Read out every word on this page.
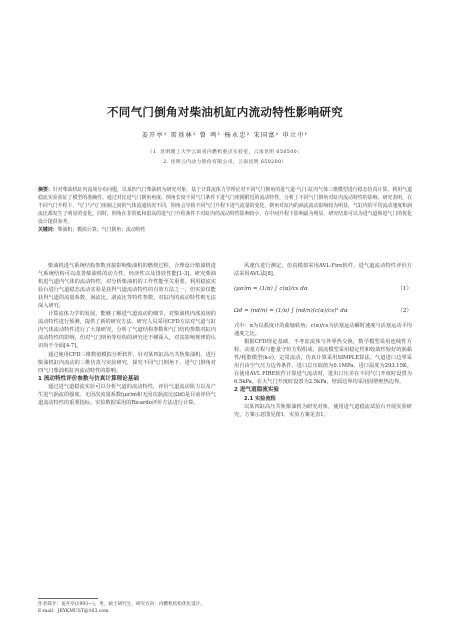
不同气门倒角对柴油机缸内流动特性影响研究
姜开亭¹ 雷基林¹ 曾 鸣¹ 杨永忠² 宋国富² 申立中¹
（1. 昆明理工大学云南省内燃机重点实验室，云南昆明 650500；
2. 昆明云内动力股份有限公司，云南昆明 650200）
摘要：针对柴油机缸内流场分布问题，以某四气门柴油机为研究对象，基于计算流体力学理论对不同气门倒角的进气道-气门-缸内气体三维模型进行稳态仿真计算，利用气道稳流实验验证了模型的准确性。通过对比进气门倒角角度、倒角长度不同气门条件下进气门座圈附近的流动特性，分析了不同气门倒角对缸内流动特性的影响。研究表明，在不同气门升程下，气门与气门座圈之间的气体流通状况不同，倒角会导致不同气门升程下进气流量的变化，倒角对缸内的涡流流动影响较为明显，气缸内的平均流动速度和涡流比都发生了明显的变化。同时，倒角在非常低和很高的进气门升程条件下对缸内的流动特性影响较小，在中间升程下影响最为明显，研究结果可以为进气道和进气门的优化设计提供参考。
关键词：柴油机；模拟计算；气门倒角；流动特性

柴油机进气系统结构参数直接影响柴油机的燃烧过程，合理设计柴油机进气系统结构可以改善柴油机的动力性、经济性以及排放性能[1-3]。研究柴油机进气道内气体的流动特性，对分析柴油机的工作性能至关重要。利用稳流实验台进行气道稳态流动实验是获得气道流动特性的有效方法之一，但实验仅能获得气道的流量系数、涡流比、滚流比等特性参数，对缸内的流动特性则无法深入研究。

计算流体力学的发展，能够了解进气道流动的细节，对柴油机内部流场的流动特性进行预测，提供了新的研究方法。研究人员采用CFD方法对气道与缸内气体流动特性进行了大量研究，分析了气道结构参数和气门结构参数对缸内流动特性的影响，但对气门倒角等结构的研究还不够深入，对其影响规律的认识尚不全面[4-7]。

通过使用CFD三维数值模拟分析软件，针对某四缸高压共轨柴油机，进行柴油机缸内流动的三维仿真与实验研究，探究不同气门倒角下，进气门倒角对四气门柴油机缸内流动特性的影响。

1 流动特性评价参数与仿真计算理论基础

通过进气道稳流实验可以分析气道的流动特性，评价气道流动阻力以及产生进气涡流的强度。无因次流量系数(μσ)m和无因次涡流比(Ωd)是目前评价气道流动特性的重要指标。实验数据采用的Ricardo评价方法进行计算。

风速仪进行测定，仿真模拟采用AVL-Fire软件，进气道流动特性评价方法采用AVL法[8]。

(μσ)m = (1/π) ∫ c(α)/cs dα	（1）
Ωd = (nd/n) = (1/π) ∫ (nd/n)(c(α)/cs)² dα	（2）

式中：α为以弧度计的曲轴转角；c(α)/cs为活塞运动瞬时速度与活塞运动平均速度之比。

根据CFD理论基础，不考虑流体与外界热交换，数学模型采用连续性方程、动量方程与能量守恒方程组成，湍流模型采用稳定性和收敛性较好的涡黏性/耗散模型(k-ε)，定常流动，仿真计算采用SIMPLE算法。气道进口边界采用自由空气压力边界条件，进口总压取值为0.1MPa，进口温度为293.15K。在使用AVL FIRE软件计算进气流动时，进出口压差在不同气门开度时设置为6.5kPa，在大气门开度时设置为2.5kPa，壁面边界均采用固壁绝热边界。

2 进气道稳流实验

2.1 实验流程

以某四缸高压共轨柴油机为研究对象，使用进气道稳流试验台开展实验研究，方案示意图见图1，实验方案见表1。

作者简介：姜开亭(1993—)，男，硕士研究生，研究方向：内燃机结构优化设计。
E-mail：JKYKMUST@163.com
